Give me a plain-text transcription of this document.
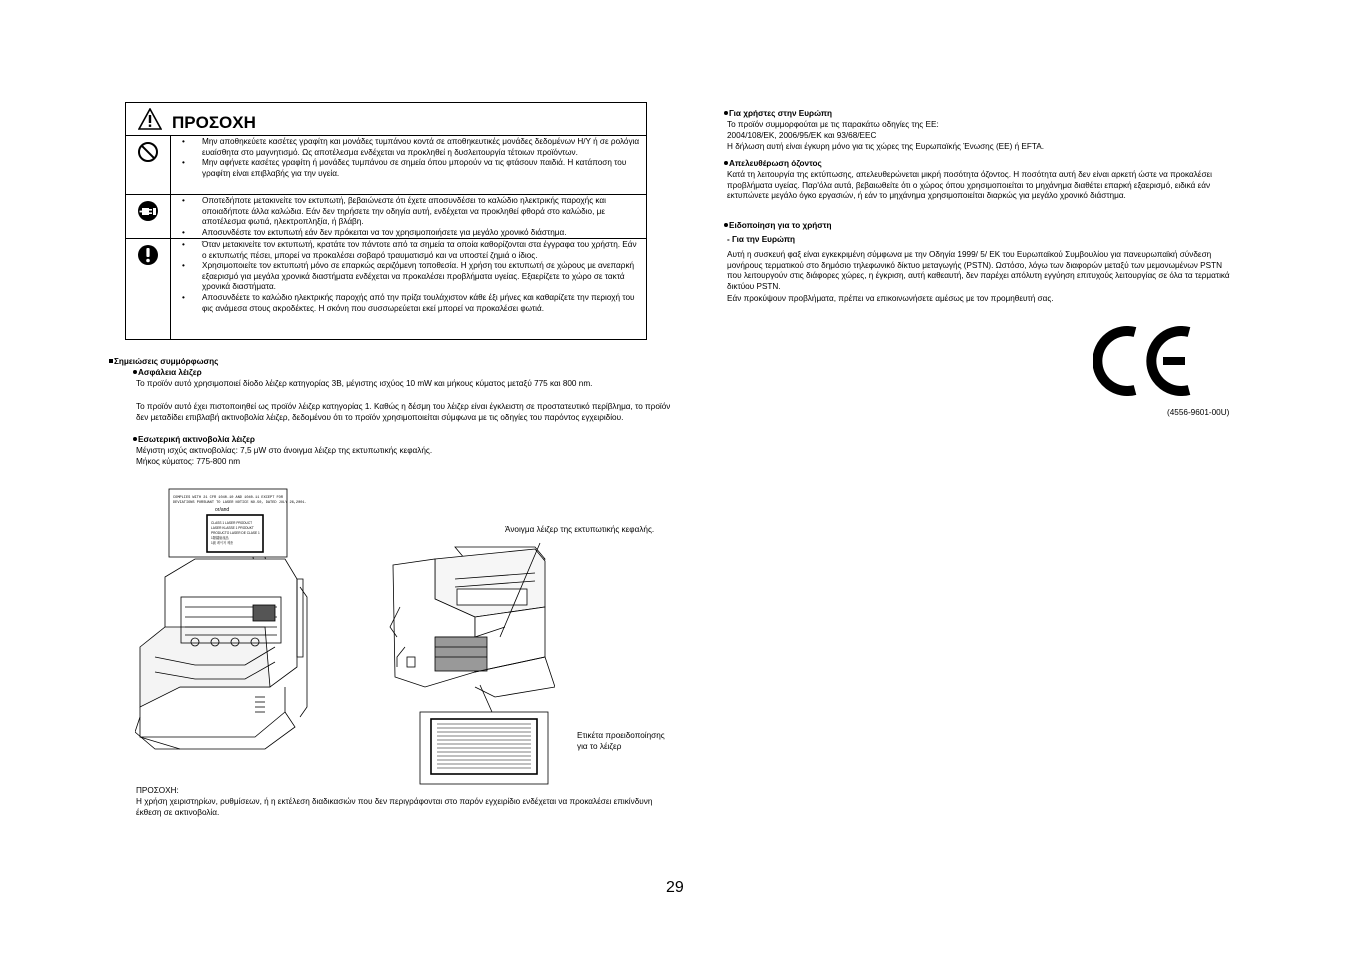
ΠΡΟΣΟΧΗ
• Μην αποθηκεύετε κασέτες γραφίτη και μονάδες τυμπάνου κοντά σε αποθηκευτικές μονάδες δεδομένων Η/Υ ή σε ρολόγια ευαίσθητα στο μαγνητισμό. Ως αποτέλεσμα ενδέχεται να προκληθεί η δυσλειτουργία τέτοιων προϊόντων.
• Μην αφήνετε κασέτες γραφίτη ή μονάδες τυμπάνου σε σημεία όπου μπορούν να τις φτάσουν παιδιά. Η κατάποση του γραφίτη είναι επιβλαβής για την υγεία.
• Οποτεδήποτε μετακινείτε τον εκτυπωτή, βεβαιώνεστε ότι έχετε αποσυνδέσει το καλώδιο ηλεκτρικής παροχής και οποιαδήποτε άλλα καλώδια. Εάν δεν τηρήσετε την οδηγία αυτή, ενδέχεται να προκληθεί φθορά στο καλώδιο, με αποτέλεσμα φωτιά, ηλεκτροπληξία, ή βλάβη.
• Αποσυνδέστε τον εκτυπωτή εάν δεν πρόκειται να τον χρησιμοποιήσετε για μεγάλο χρονικό διάστημα.
• Όταν μετακινείτε τον εκτυπωτή, κρατάτε τον πάντοτε από τα σημεία τα οποία καθορίζονται στα έγγραφα του χρήστη. Εάν ο εκτυπωτής πέσει, μπορεί να προκαλέσει σοβαρό τραυματισμό και να υποστεί ζημιά ο ίδιος.
• Χρησιμοποιείτε τον εκτυπωτή μόνο σε επαρκώς αεριζόμενη τοποθεσία. Η χρήση του εκτυπωτή σε χώρους με ανεπαρκή εξαερισμό για μεγάλα χρονικά διαστήματα ενδέχεται να προκαλέσει προβλήματα υγείας. Εξαερίζετε το χώρο σε τακτά χρονικά διαστήματα.
• Αποσυνδέετε το καλώδιο ηλεκτρικής παροχής από την πρίζα τουλάχιστον κάθε έξι μήνες και καθαρίζετε την περιοχή του φις ανάμεσα στους ακροδέκτες. Η σκόνη που συσσωρεύεται εκεί μπορεί να προκαλέσει φωτιά.
Σημειώσεις συμμόρφωσης
Ασφάλεια λέιζερ
Το προϊόν αυτό χρησιμοποιεί δίοδο λέιζερ κατηγορίας 3B, μέγιστης ισχύος 10 mW και μήκους κύματος μεταξύ 775 και 800 nm.
Το προϊόν αυτό έχει πιστοποιηθεί ως προϊόν λέιζερ κατηγορίας 1. Καθώς η δέσμη του λέιζερ είναι έγκλειστη σε προστατευτικό περίβλημα, το προϊόν δεν μεταδίδει επιβλαβή ακτινοβολία λέιζερ, δεδομένου ότι το προϊόν χρησιμοποιείται σύμφωνα με τις οδηγίες του παρόντος εγχειριδίου.
Εσωτερική ακτινοβολία λέιζερ
Μέγιστη ισχύς ακτινοβολίας: 7,5 μW στο άνοιγμα λέιζερ της εκτυπωτικής κεφαλής.
Μήκος κύματος: 775-800 nm
COMPLIES WITH 21 CFR 1040.10 AND 1040.11 EXCEPT FOR
DEVIATIONS PURSUANT TO LASER NOTICE NO.50, DATED JULY 26,2001.
or/and
CLASS 1 LASER PRODUCT
LASER KLASSE 1 PRODUKT
PRODUCTO LASER DE CLASE 1
1類鐳射產品
1級 레이저 제품
Άνοιγμα λέιζερ της εκτυπωτικής κεφαλής.
Ετικέτα προειδοποίησης για το λέιζερ
ΠΡΟΣΟΧΗ:
Η χρήση χειριστηρίων, ρυθμίσεων, ή η εκτέλεση διαδικασιών που δεν περιγράφονται στο παρόν εγχειρίδιο ενδέχεται να προκαλέσει επικίνδυνη έκθεση σε ακτινοβολία.
29
Για χρήστες στην Ευρώπη
Το προϊόν συμμορφούται με τις παρακάτω οδηγίες της ΕΕ:
2004/108/ΕΚ, 2006/95/ΕΚ και 93/68/EEC
Η δήλωση αυτή είναι έγκυρη μόνο για τις χώρες της Ευρωπαϊκής Ένωσης (ΕΕ) ή EFTA.
Απελευθέρωση όζοντος
Κατά τη λειτουργία της εκτύπωσης, απελευθερώνεται μικρή ποσότητα όζοντος. Η ποσότητα αυτή δεν είναι αρκετή ώστε να προκαλέσει προβλήματα υγείας. Παρ'όλα αυτά, βεβαιωθείτε ότι ο χώρος όπου χρησιμοποιείται το μηχάνημα διαθέτει επαρκή εξαερισμό, ειδικά εάν εκτυπώνετε μεγάλο όγκο εργασιών, ή εάν το μηχάνημα χρησιμοποιείται διαρκώς για μεγάλο χρονικό διάστημα.
Ειδοποίηση για το χρήστη
- Για την Ευρώπη
Αυτή η συσκευή φαξ είναι εγκεκριμένη σύμφωνα με την Οδηγία 1999/ 5/ ΕΚ του Ευρωπαϊκού Συμβουλίου για πανευρωπαϊκή σύνδεση μονήρους τερματικού στο δημόσιο τηλεφωνικό δίκτυο μεταγωγής (PSTN). Ωστόσο, λόγω των διαφορών μεταξύ των μεμονωμένων PSTN που λειτουργούν στις διάφορες χώρες, η έγκριση, αυτή καθεαυτή, δεν παρέχει απόλυτη εγγύηση επιτυχούς λειτουργίας σε όλα τα τερματικά δικτύου PSTN.
Εάν προκύψουν προβλήματα, πρέπει να επικοινωνήσετε αμέσως με τον προμηθευτή σας.
(4556-9601-00U)
